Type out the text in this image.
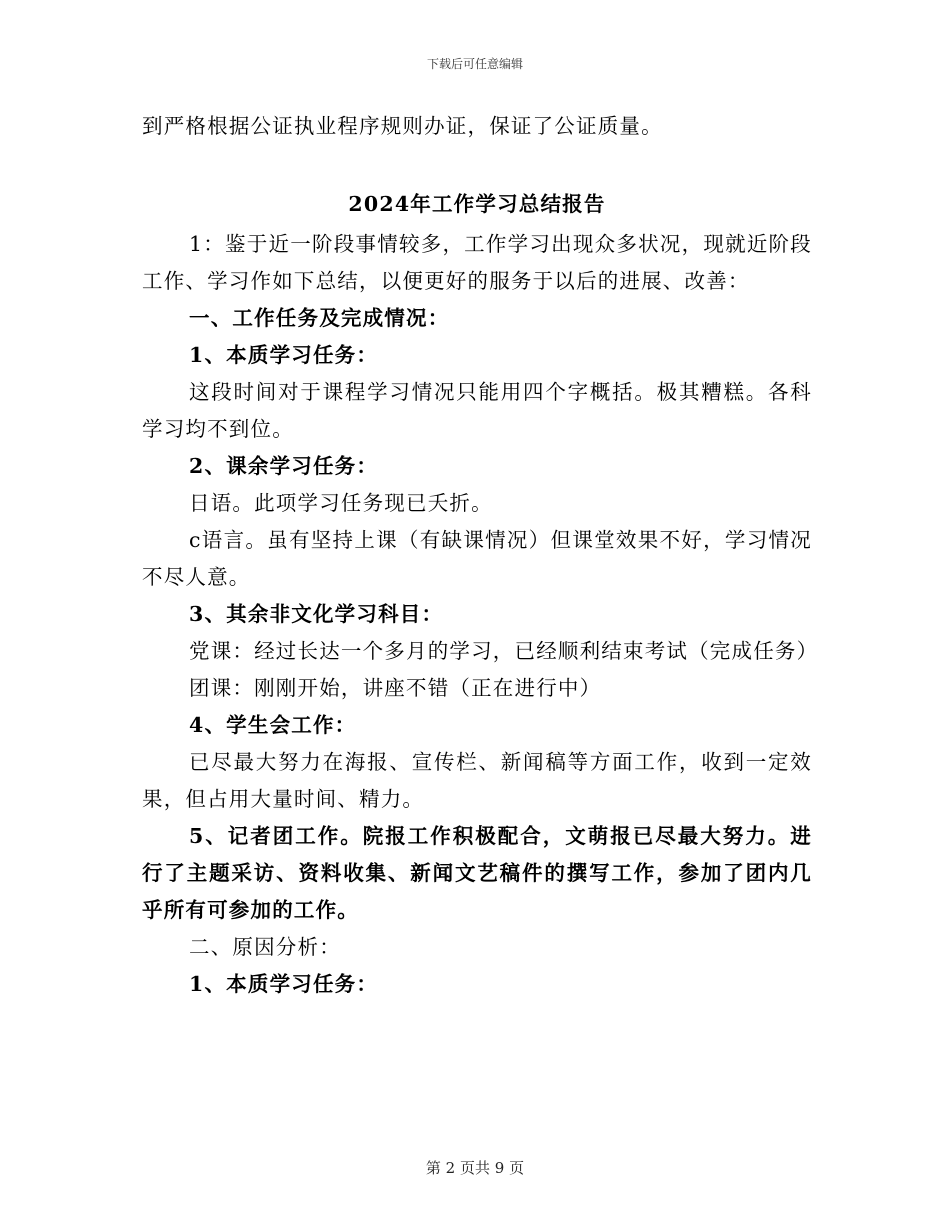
下载后可任意编辑

到严格根据公证执业程序规则办证，保证了公证质量。

2024年工作学习总结报告

1：鉴于近一阶段事情较多，工作学习出现众多状况，现就近阶段工作、学习作如下总结，以便更好的服务于以后的进展、改善：

一、工作任务及完成情况：

1、本质学习任务：

这段时间对于课程学习情况只能用四个字概括。极其糟糕。各科学习均不到位。

2、课余学习任务：

日语。此项学习任务现已夭折。

c语言。虽有坚持上课（有缺课情况）但课堂效果不好，学习情况不尽人意。

3、其余非文化学习科目：

党课：经过长达一个多月的学习，已经顺利结束考试（完成任务）

团课：刚刚开始，讲座不错（正在进行中）

4、学生会工作：

已尽最大努力在海报、宣传栏、新闻稿等方面工作，收到一定效果，但占用大量时间、精力。

5、记者团工作。院报工作积极配合，文萌报已尽最大努力。进行了主题采访、资料收集、新闻文艺稿件的撰写工作，参加了团内几乎所有可参加的工作。

二、原因分析：

1、本质学习任务：

第 2 页共 9 页
